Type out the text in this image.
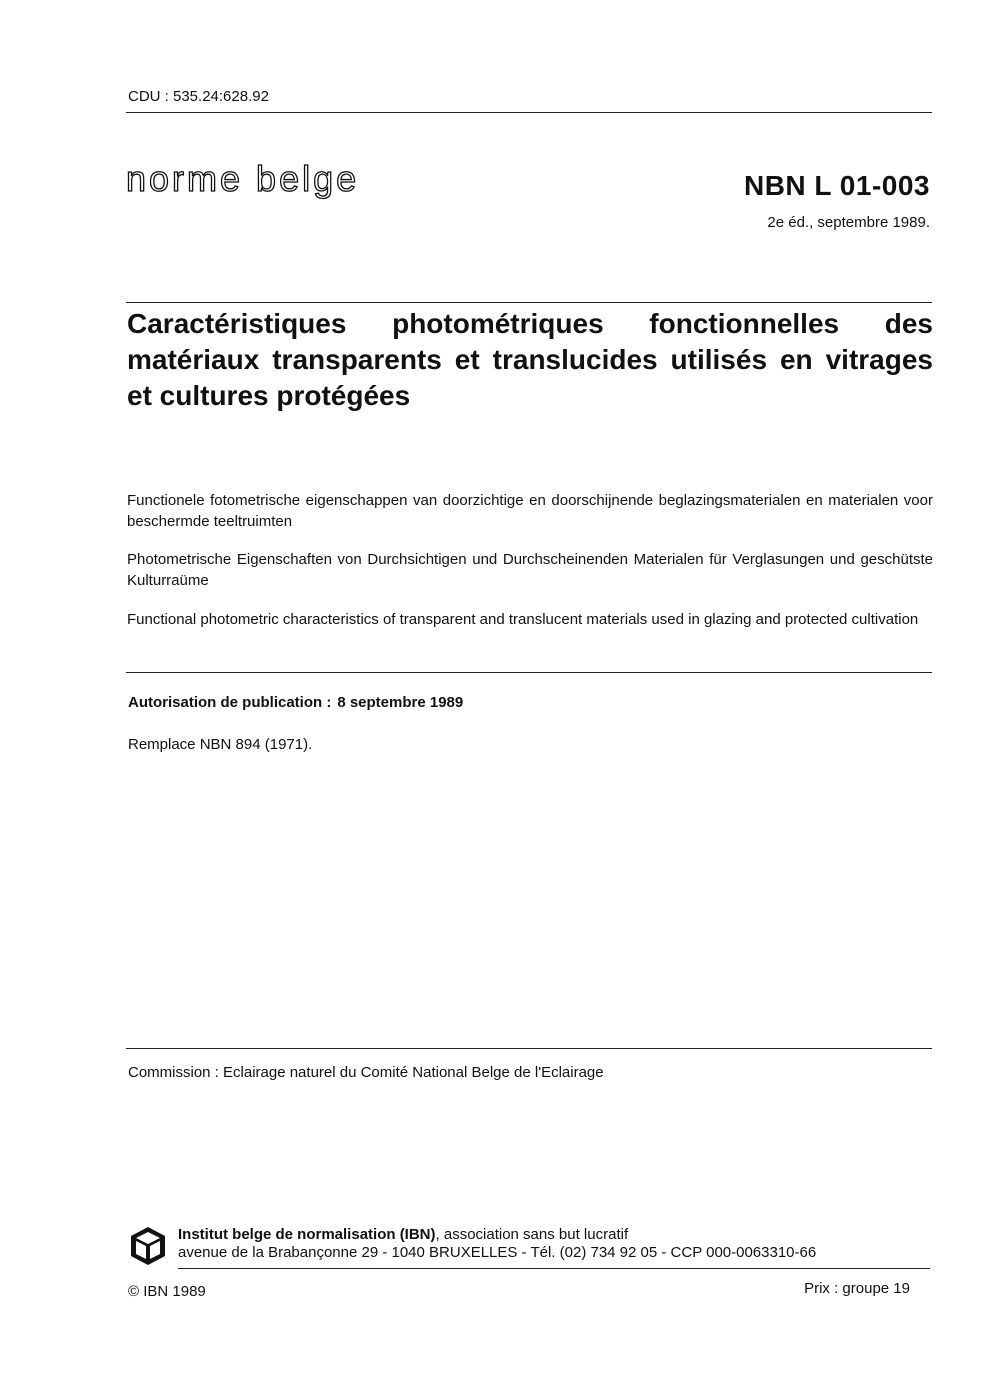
CDU : 535.24:628.92
norme belge	NBN L 01-003
2e éd., septembre 1989.
Caractéristiques photométriques fonctionnelles des matériaux transparents et translucides utilisés en vitrages et cultures protégées
Functionele fotometrische eigenschappen van doorzichtige en doorschijnende beglazingsmaterialen en materialen voor beschermde teeltruimten
Photometrische Eigenschaften von Durchsichtigen und Durchscheinenden Materialen für Verglasungen und geschütste Kulturraüme
Functional photometric characteristics of transparent and translucent materials used in glazing and protected cultivation
Autorisation de publication : 8 septembre 1989
Remplace NBN 894 (1971).
Commission : Eclairage naturel du Comité National Belge de l'Eclairage
Institut belge de normalisation (IBN), association sans but lucratif
avenue de la Brabançonne 29 - 1040 BRUXELLES - Tél. (02) 734 92 05 - CCP 000-0063310-66
© IBN 1989	Prix : groupe 19
